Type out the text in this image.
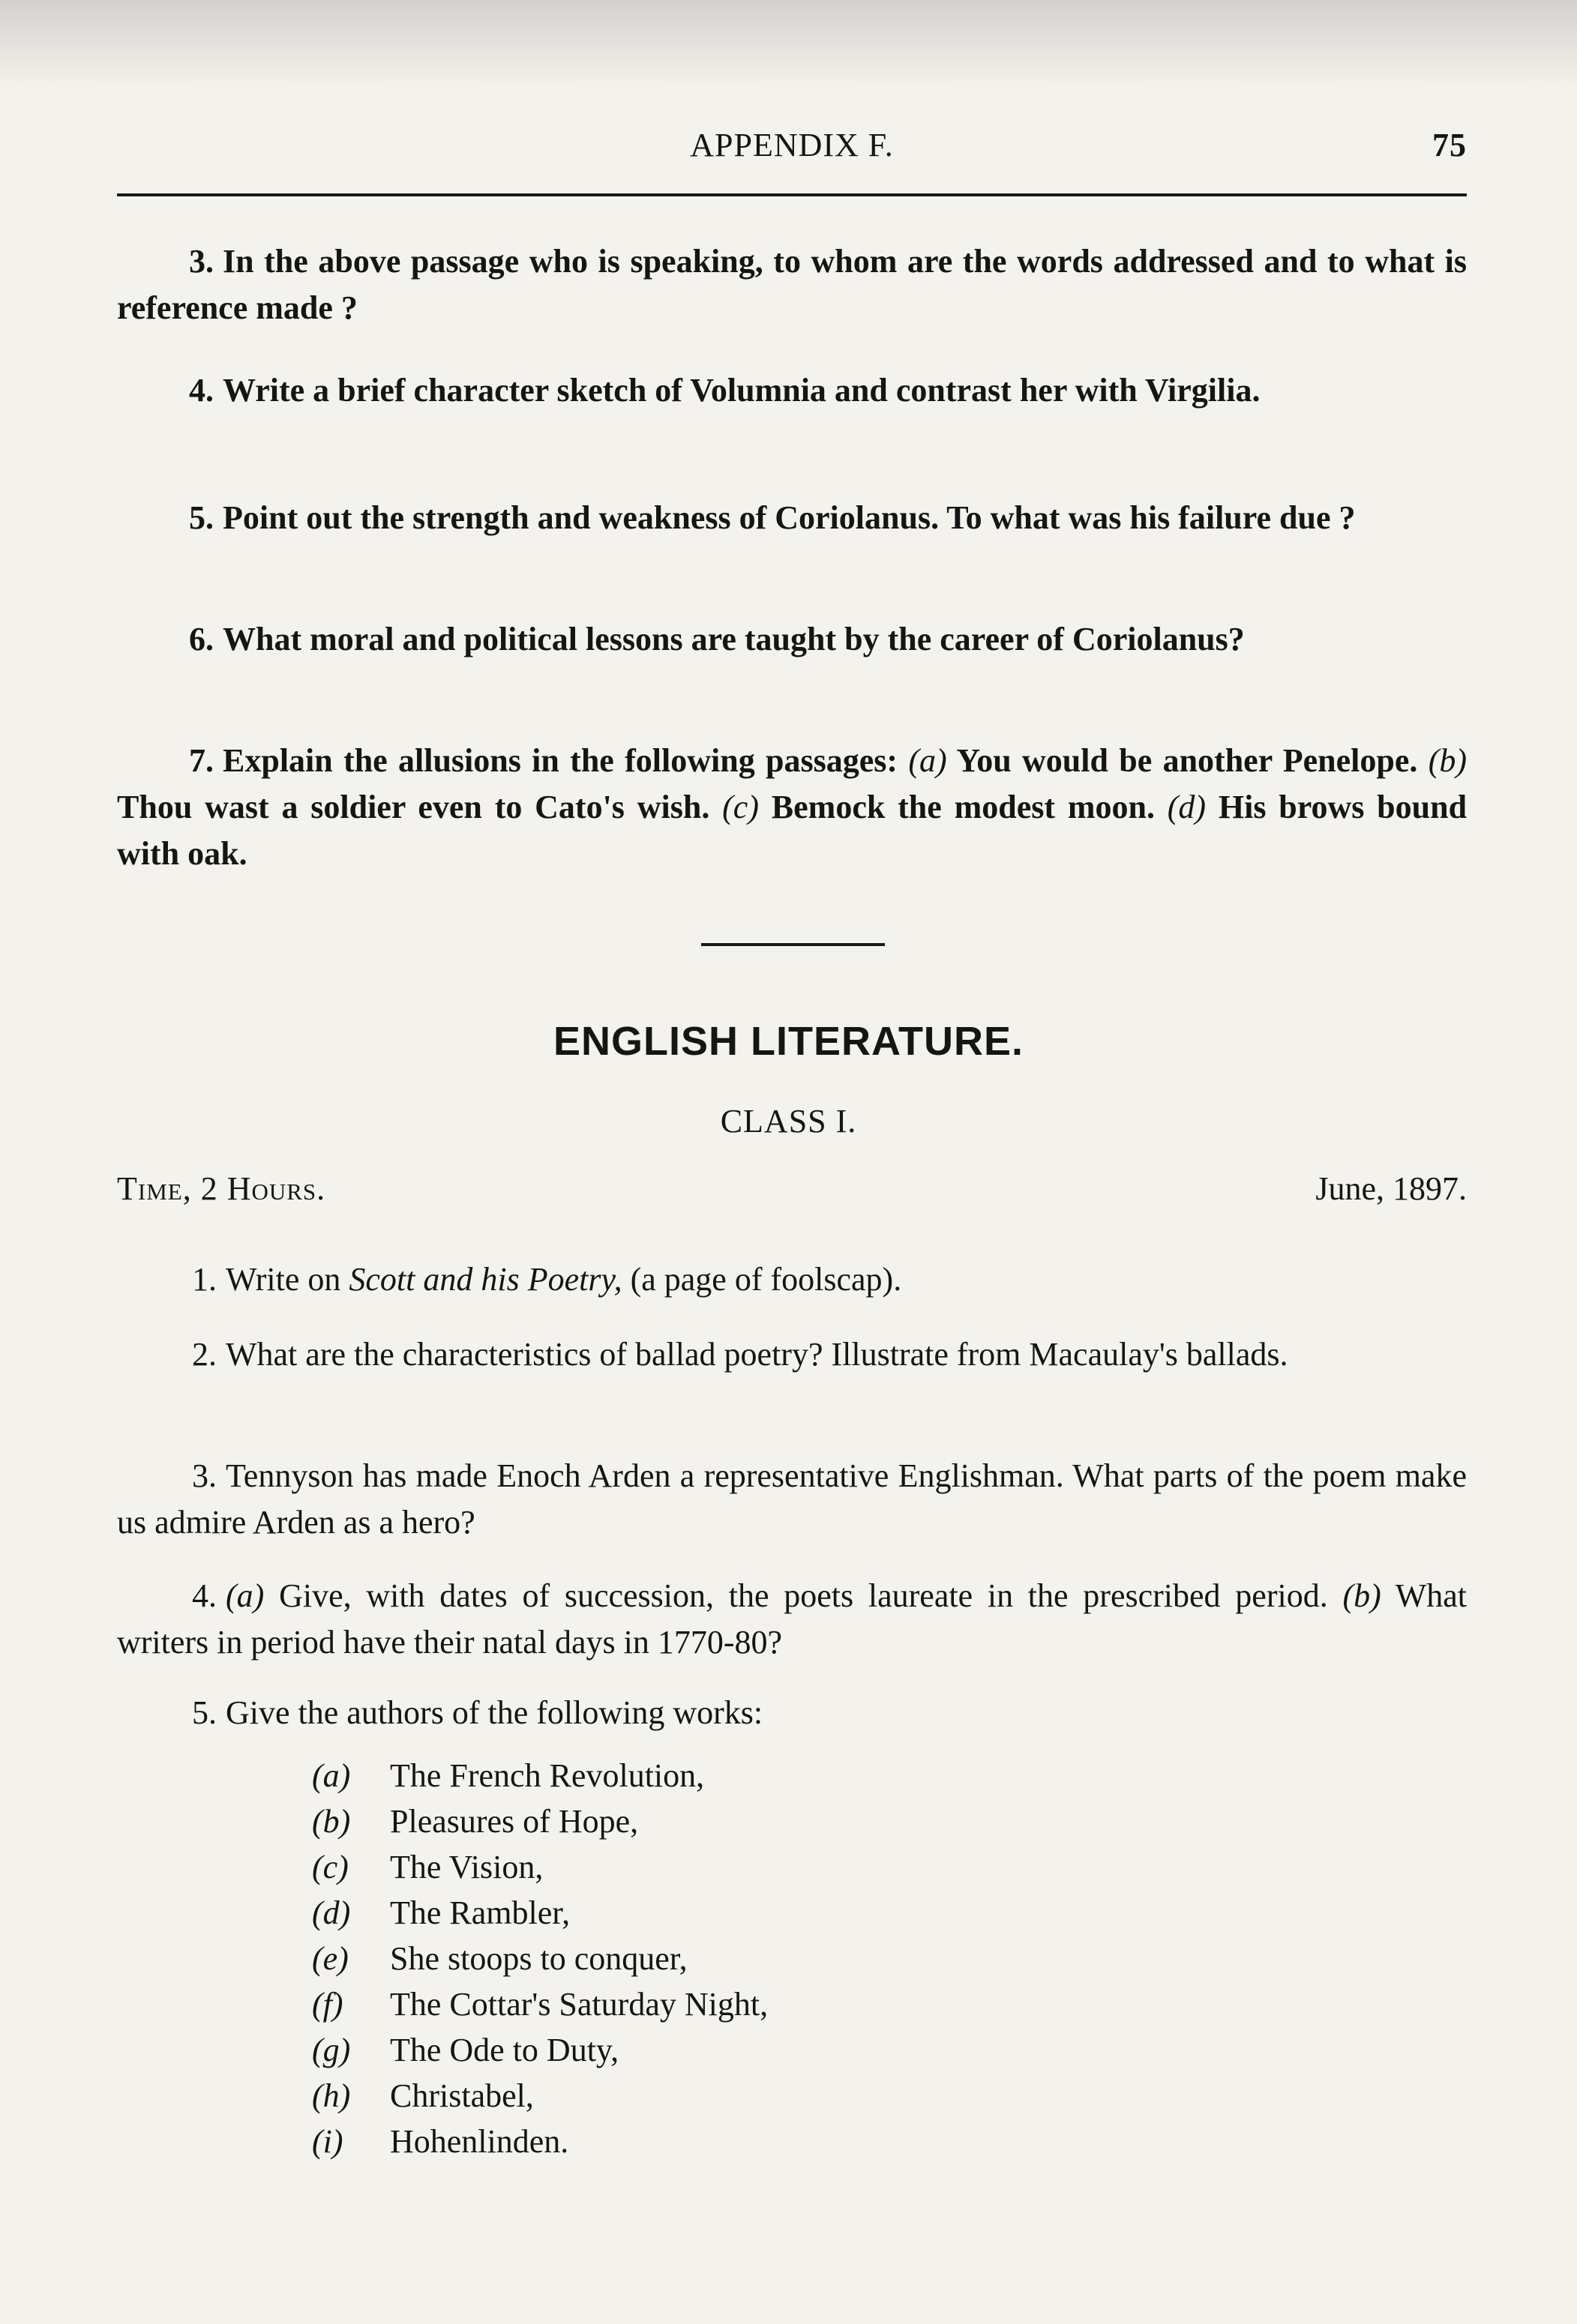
APPENDIX F.	75
3. In the above passage who is speaking, to whom are the words addressed and to what is reference made ?
4. Write a brief character sketch of Volumnia and contrast her with Virgilia.
5. Point out the strength and weakness of Coriolanus. To what was his failure due ?
6. What moral and political lessons are taught by the career of Coriolanus?
7. Explain the allusions in the following passages: (a) You would be another Penelope. (b) Thou wast a soldier even to Cato's wish. (c) Bemock the modest moon. (d) His brows bound with oak.
ENGLISH LITERATURE.
CLASS I.
Time, 2 Hours.	June, 1897.
1. Write on Scott and his Poetry, (a page of foolscap).
2. What are the characteristics of ballad poetry? Illustrate from Macaulay's ballads.
3. Tennyson has made Enoch Arden a representative Englishman. What parts of the poem make us admire Arden as a hero?
4. (a) Give, with dates of succession, the poets laureate in the prescribed period. (b) What writers in period have their natal days in 1770-80?
5. Give the authors of the following works:
(a) The French Revolution,
(b) Pleasures of Hope,
(c) The Vision,
(d) The Rambler,
(e) She stoops to conquer,
(f) The Cottar's Saturday Night,
(g) The Ode to Duty,
(h) Christabel,
(i) Hohenlinden.
